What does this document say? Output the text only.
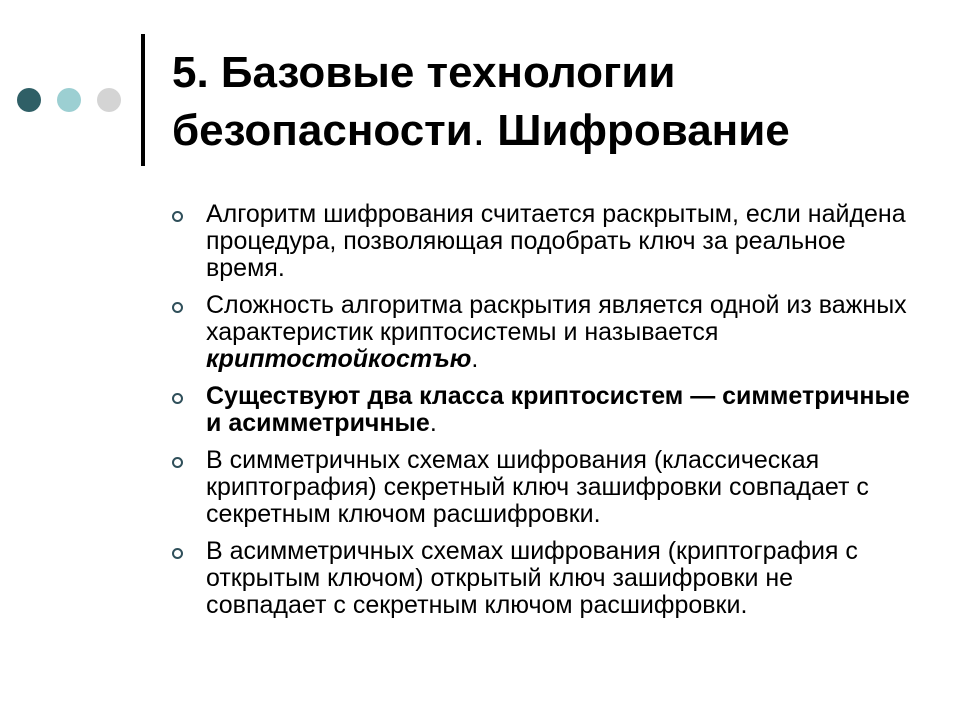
5. Базовые технологии безопасности. Шифрование
Алгоритм шифрования считается раскрытым, если найдена процедура, позволяющая подобрать ключ за реальное время.
Сложность алгоритма раскрытия является одной из важных характеристик криптосистемы и называется криптостойкостъю.
Существуют два класса криптосистем — симметричные и асимметричные.
В симметричных схемах шифрования (классическая криптография) секретный ключ зашифровки совпадает с секретным ключом расшифровки.
В асимметричных схемах шифрования (криптография с открытым ключом) открытый ключ зашифровки не совпадает с секретным ключом расшифровки.
